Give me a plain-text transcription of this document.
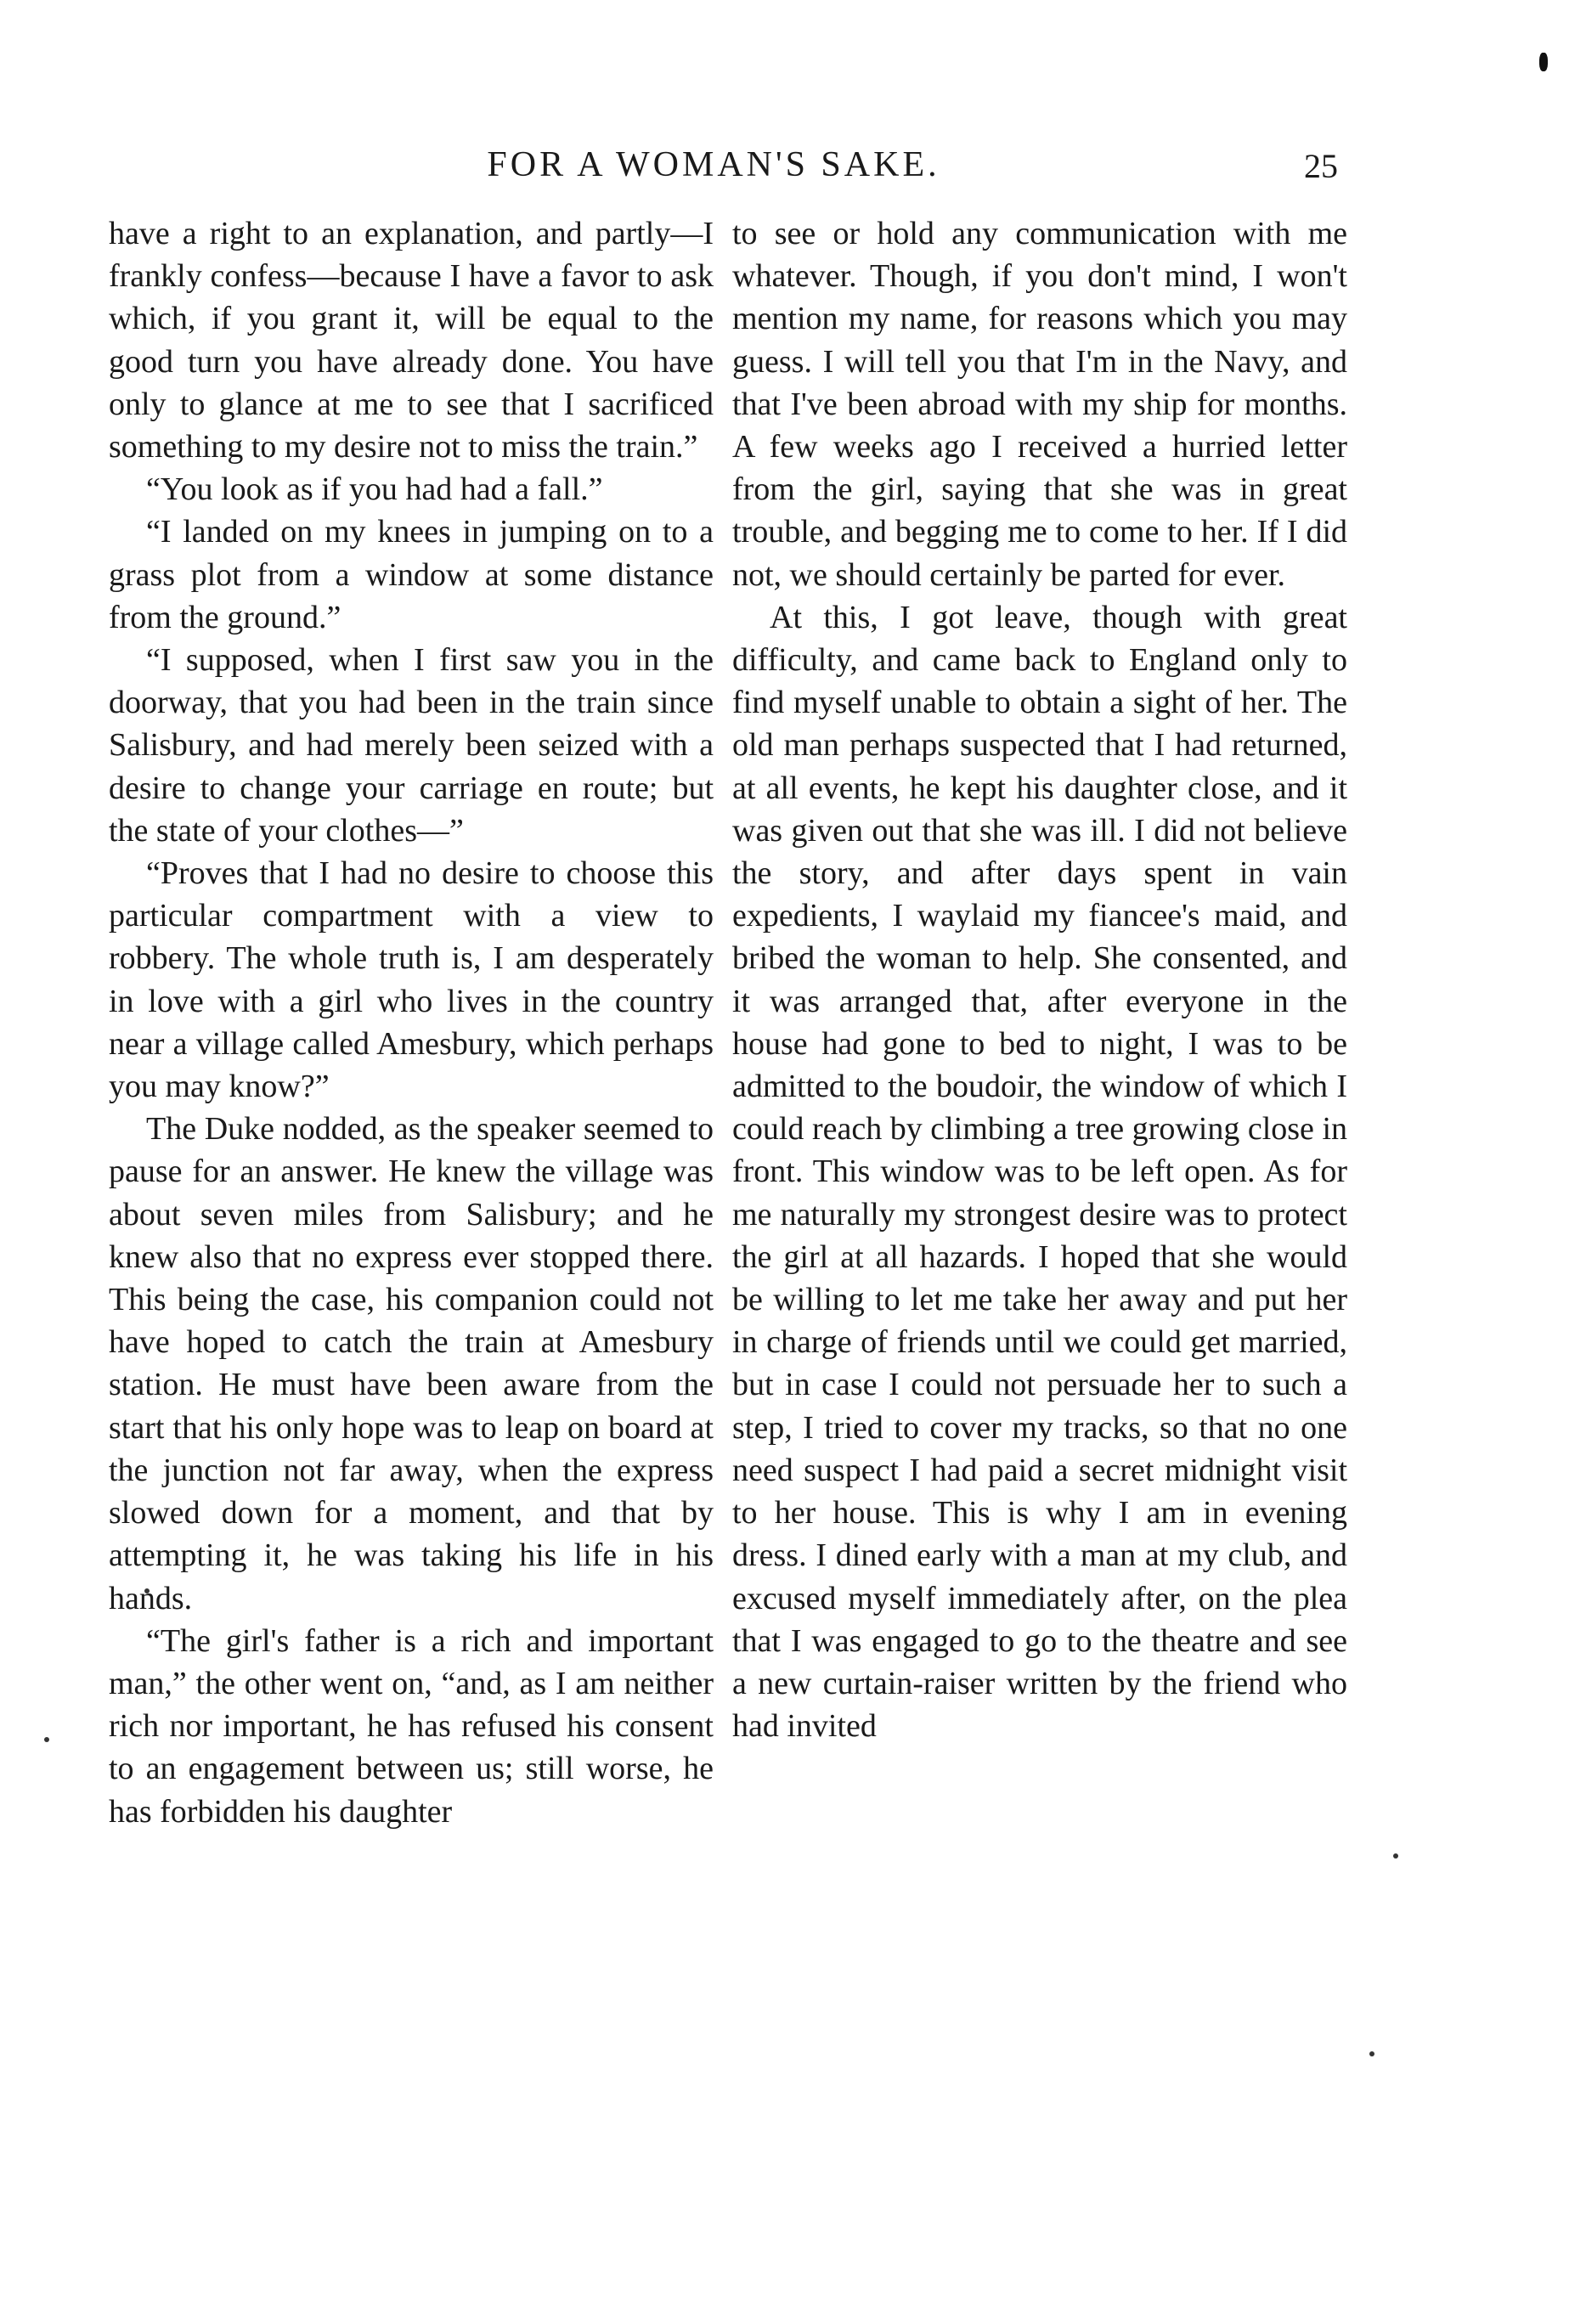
FOR A WOMAN'S SAKE.	25

have a right to an explanation, and partly—I frankly confess—because I have a favor to ask which, if you grant it, will be equal to the good turn you have already done. You have only to glance at me to see that I sacrificed something to my desire not to miss the train.”

“You look as if you had had a fall.”

“I landed on my knees in jumping on to a grass plot from a window at some distance from the ground.”

“I supposed, when I first saw you in the doorway, that you had been in the train since Salisbury, and had merely been seized with a desire to change your carriage en route; but the state of your clothes—”

“Proves that I had no desire to choose this particular compartment with a view to robbery. The whole truth is, I am desperately in love with a girl who lives in the country near a village called Amesbury, which perhaps you may know?”

The Duke nodded, as the speaker seemed to pause for an answer. He knew the village was about seven miles from Salisbury; and he knew also that no express ever stopped there. This being the case, his companion could not have hoped to catch the train at Amesbury station. He must have been aware from the start that his only hope was to leap on board at the junction not far away, when the express slowed down for a moment, and that by attempting it, he was taking his life in his hands.

“The girl's father is a rich and important man,” the other went on, “and, as I am neither rich nor important, he has refused his consent to an engagement between us; still worse, he has forbidden his daughter

to see or hold any communication with me whatever. Though, if you don't mind, I won't mention my name, for reasons which you may guess. I will tell you that I'm in the Navy, and that I've been abroad with my ship for months. A few weeks ago I received a hurried letter from the girl, saying that she was in great trouble, and begging me to come to her. If I did not, we should certainly be parted for ever.

At this, I got leave, though with great difficulty, and came back to England only to find myself unable to obtain a sight of her. The old man perhaps suspected that I had returned, at all events, he kept his daughter close, and it was given out that she was ill. I did not believe the story, and after days spent in vain expedients, I waylaid my fiancee's maid, and bribed the woman to help. She consented, and it was arranged that, after everyone in the house had gone to bed to night, I was to be admitted to the boudoir, the window of which I could reach by climbing a tree growing close in front. This window was to be left open. As for me naturally my strongest desire was to protect the girl at all hazards. I hoped that she would be willing to let me take her away and put her in charge of friends until we could get married, but in case I could not persuade her to such a step, I tried to cover my tracks, so that no one need suspect I had paid a secret midnight visit to her house. This is why I am in evening dress. I dined early with a man at my club, and excused myself immediately after, on the plea that I was engaged to go to the theatre and see a new curtain-raiser written by the friend who had invited
